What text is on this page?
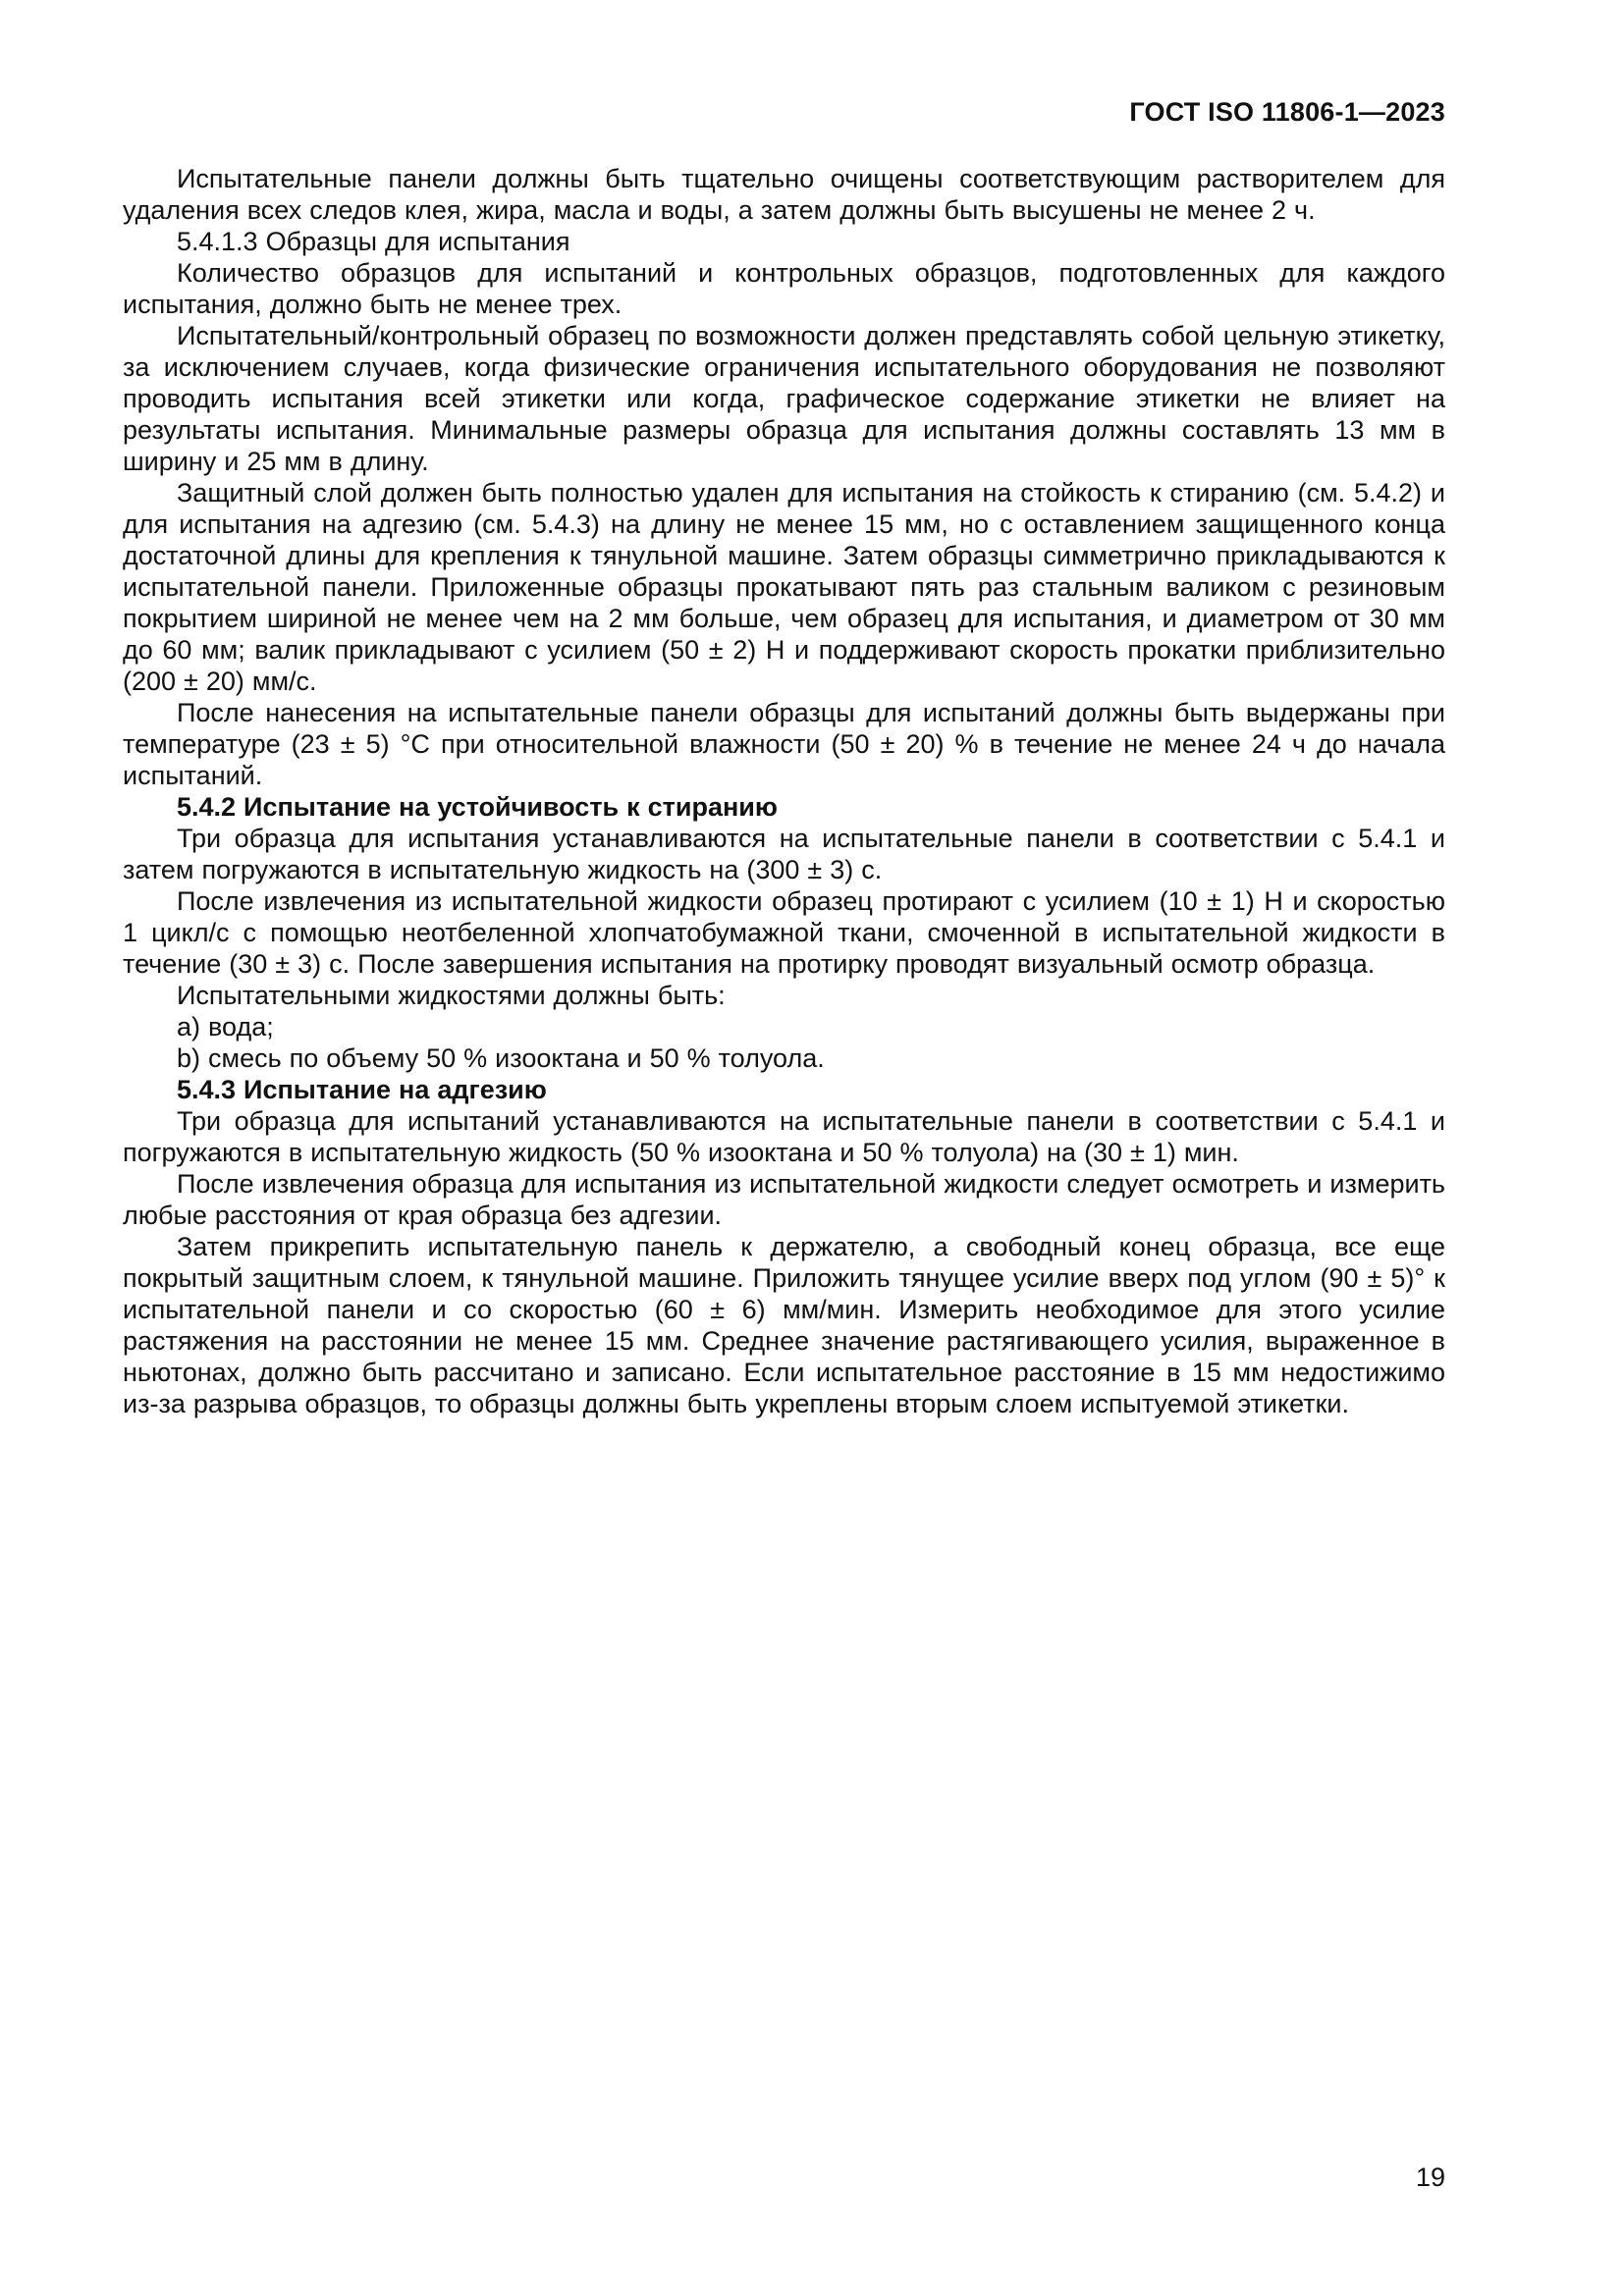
ГОСТ ISO 11806-1—2023

Испытательные панели должны быть тщательно очищены соответствующим растворителем для удаления всех следов клея, жира, масла и воды, а затем должны быть высушены не менее 2 ч.

5.4.1.3 Образцы для испытания

Количество образцов для испытаний и контрольных образцов, подготовленных для каждого испытания, должно быть не менее трех.

Испытательный/контрольный образец по возможности должен представлять собой цельную этикетку, за исключением случаев, когда физические ограничения испытательного оборудования не позволяют проводить испытания всей этикетки или когда, графическое содержание этикетки не влияет на результаты испытания. Минимальные размеры образца для испытания должны составлять 13 мм в ширину и 25 мм в длину.

Защитный слой должен быть полностью удален для испытания на стойкость к стиранию (см. 5.4.2) и для испытания на адгезию (см. 5.4.3) на длину не менее 15 мм, но с оставлением защищенного конца достаточной длины для крепления к тянульной машине. Затем образцы симметрично прикладываются к испытательной панели. Приложенные образцы прокатывают пять раз стальным валиком с резиновым покрытием шириной не менее чем на 2 мм больше, чем образец для испытания, и диаметром от 30 мм до 60 мм; валик прикладывают с усилием (50 ± 2) Н и поддерживают скорость прокатки приблизительно (200 ± 20) мм/с.

После нанесения на испытательные панели образцы для испытаний должны быть выдержаны при температуре (23 ± 5) °С при относительной влажности (50 ± 20) % в течение не менее 24 ч до начала испытаний.

5.4.2 Испытание на устойчивость к стиранию

Три образца для испытания устанавливаются на испытательные панели в соответствии с 5.4.1 и затем погружаются в испытательную жидкость на (300 ± 3) с.

После извлечения из испытательной жидкости образец протирают с усилием (10 ± 1) Н и скоростью 1 цикл/с с помощью неотбеленной хлопчатобумажной ткани, смоченной в испытательной жидкости в течение (30 ± 3) с. После завершения испытания на протирку проводят визуальный осмотр образца.

Испытательными жидкостями должны быть:

a) вода;

b) смесь по объему 50 % изооктана и 50 % толуола.

5.4.3 Испытание на адгезию

Три образца для испытаний устанавливаются на испытательные панели в соответствии с 5.4.1 и погружаются в испытательную жидкость (50 % изооктана и 50 % толуола) на (30 ± 1) мин.

После извлечения образца для испытания из испытательной жидкости следует осмотреть и измерить любые расстояния от края образца без адгезии.

Затем прикрепить испытательную панель к держателю, а свободный конец образца, все еще покрытый защитным слоем, к тянульной машине. Приложить тянущее усилие вверх под углом (90 ± 5)° к испытательной панели и со скоростью (60 ± 6) мм/мин. Измерить необходимое для этого усилие растяжения на расстоянии не менее 15 мм. Среднее значение растягивающего усилия, выраженное в ньютонах, должно быть рассчитано и записано. Если испытательное расстояние в 15 мм недостижимо из-за разрыва образцов, то образцы должны быть укреплены вторым слоем испытуемой этикетки.

19
